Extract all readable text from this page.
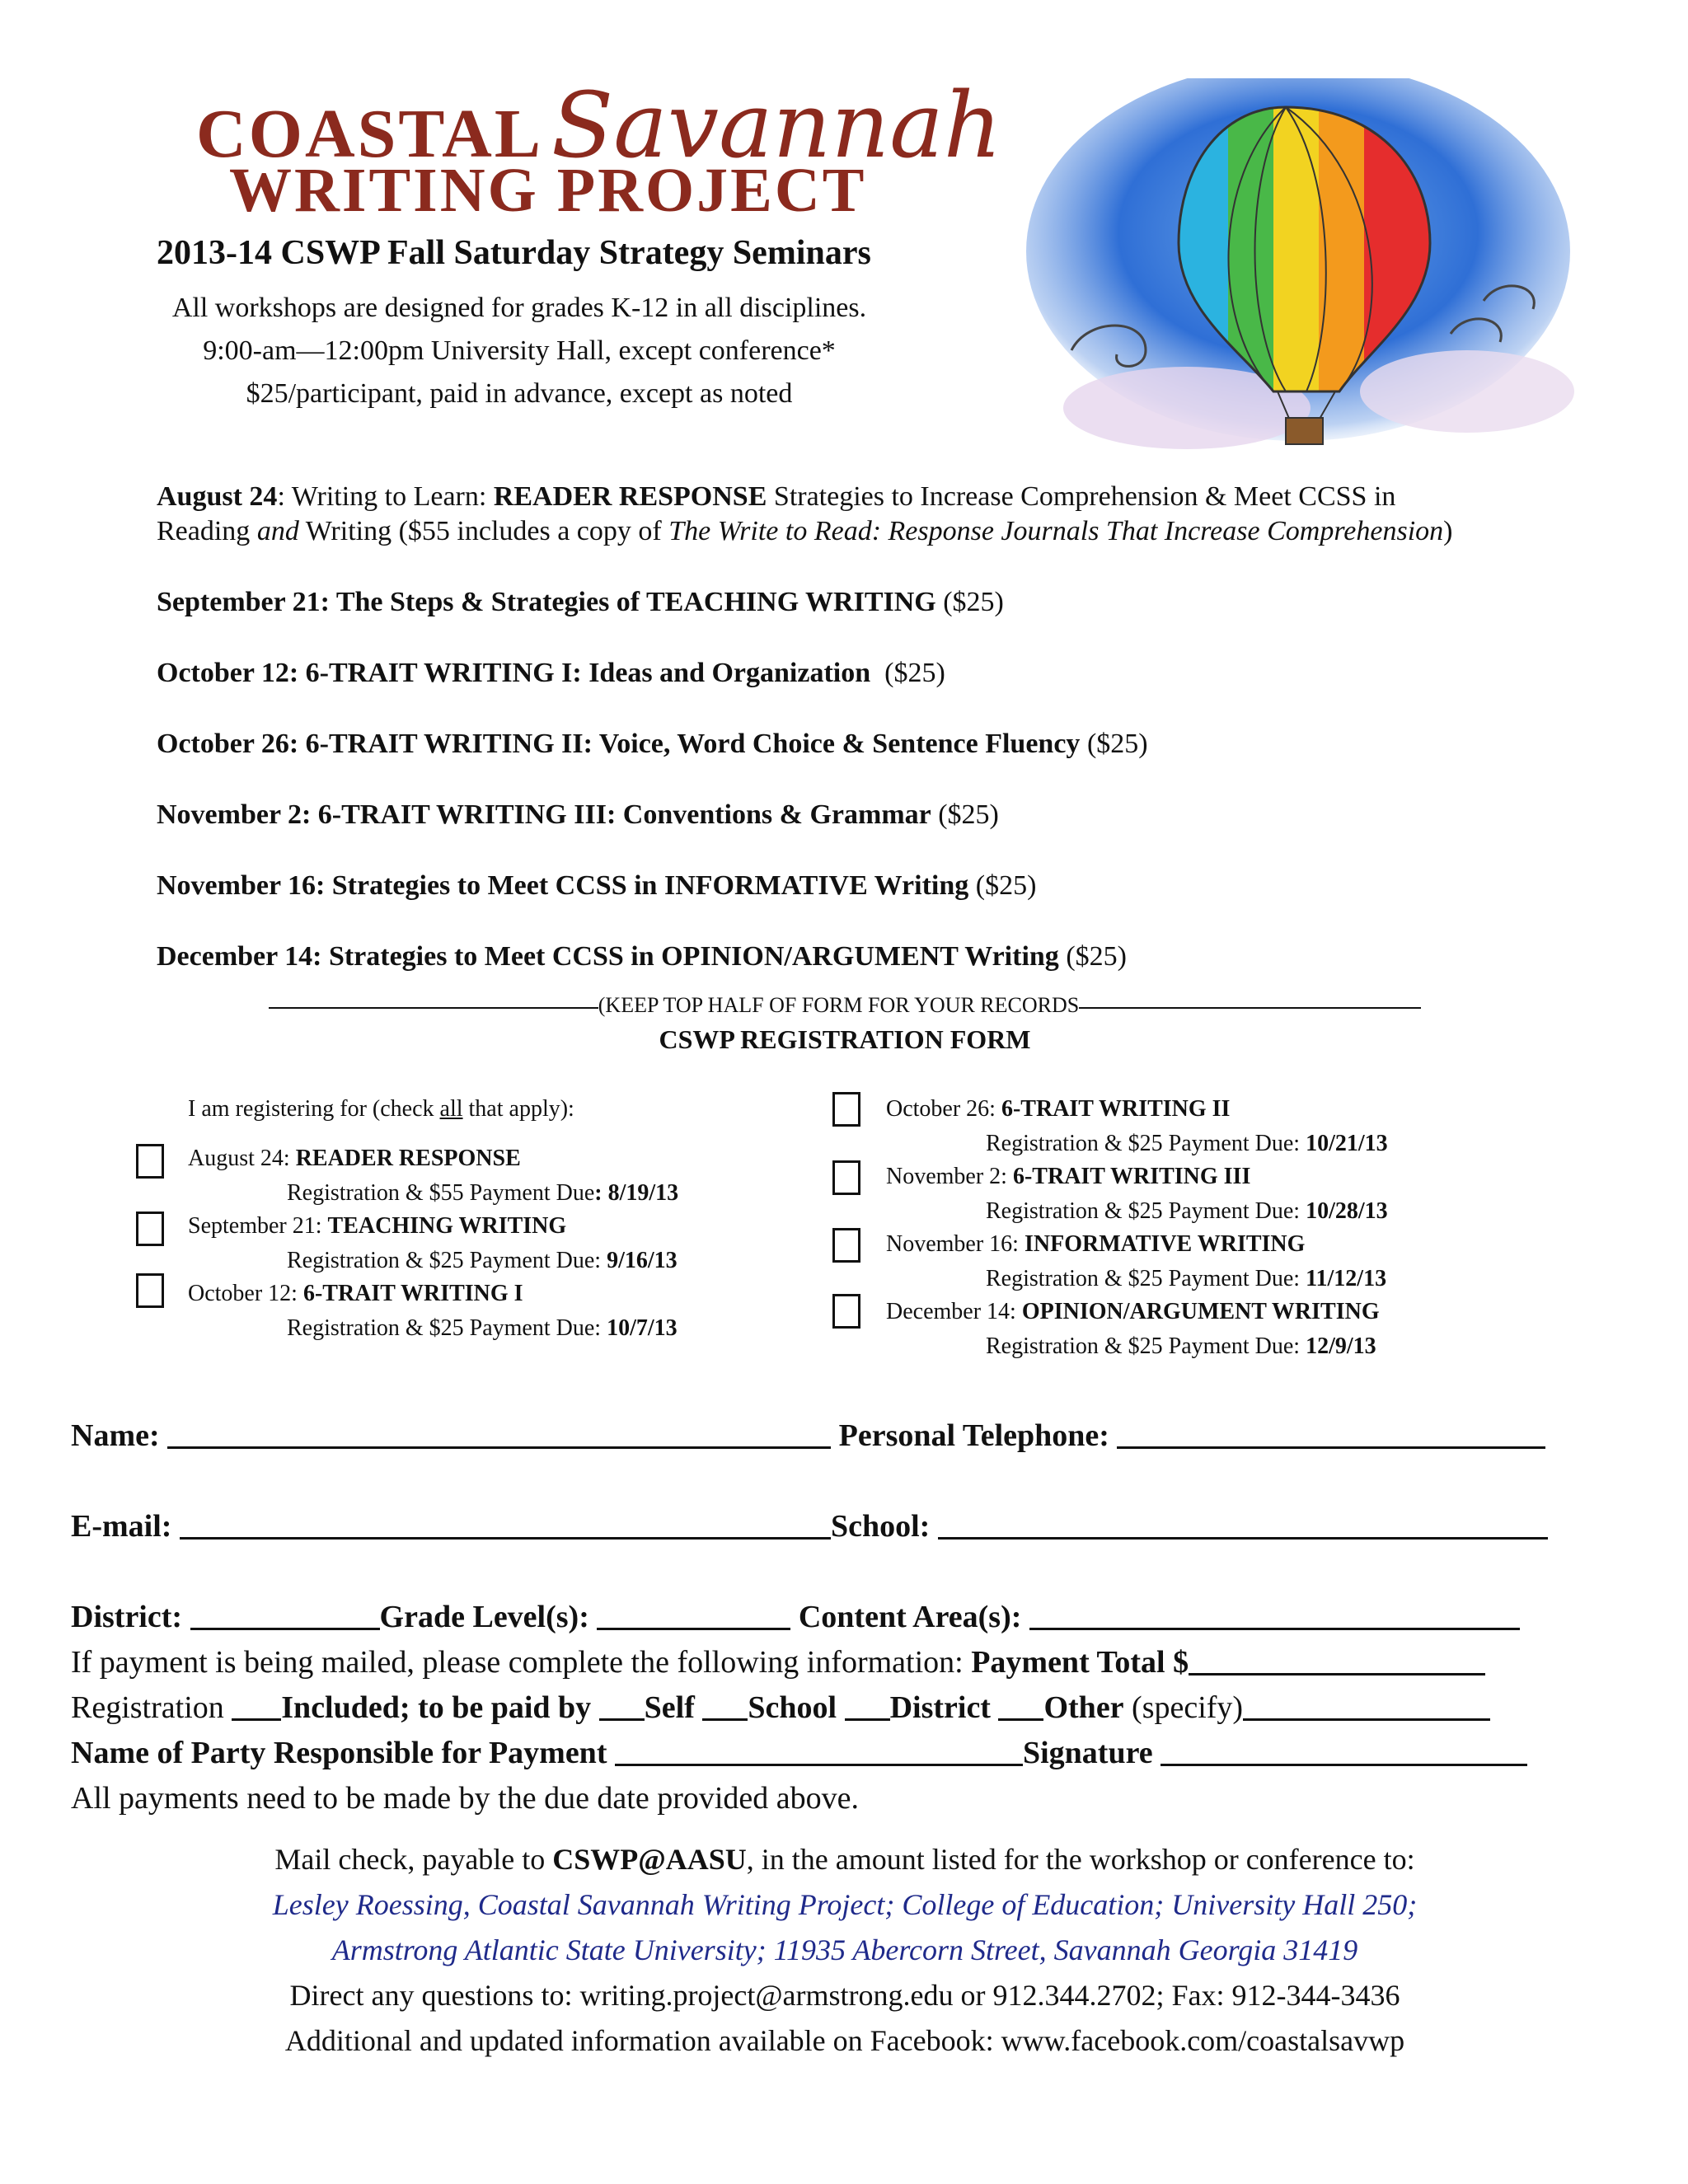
COASTALSavannah
WRITING PROJECT
2013-14 CSWP Fall Saturday Strategy Seminars
All workshops are designed for grades K-12 in all disciplines.
9:00-am—12:00pm University Hall, except conference*
$25/participant, paid in advance, except as noted
August 24: Writing to Learn: READER RESPONSE Strategies to Increase Comprehension & Meet CCSS in
Reading and Writing ($55 includes a copy of The Write to Read: Response Journals That Increase Comprehension)
September 21: The Steps & Strategies of TEACHING WRITING ($25)
October 12: 6-TRAIT WRITING I: Ideas and Organization  ($25)
October 26: 6-TRAIT WRITING II: Voice, Word Choice & Sentence Fluency ($25)
November 2: 6-TRAIT WRITING III: Conventions & Grammar ($25)
November 16: Strategies to Meet CCSS in INFORMATIVE Writing ($25)
December 14: Strategies to Meet CCSS in OPINION/ARGUMENT Writing ($25)
(KEEP TOP HALF OF FORM FOR YOUR RECORDS
CSWP REGISTRATION FORM
I am registering for (check all that apply):
August 24: READER RESPONSE
Registration & $55 Payment Due: 8/19/13
September 21: TEACHING WRITING
Registration & $25 Payment Due: 9/16/13
October 12: 6-TRAIT WRITING I
Registration & $25 Payment Due: 10/7/13
October 26: 6-TRAIT WRITING II
Registration & $25 Payment Due: 10/21/13
November 2: 6-TRAIT WRITING III
Registration & $25 Payment Due: 10/28/13
November 16: INFORMATIVE WRITING
Registration & $25 Payment Due: 11/12/13
December 14: OPINION/ARGUMENT WRITING
Registration & $25 Payment Due: 12/9/13
Name:	Personal Telephone:
E-mail:	School:
District:	Grade Level(s):	Content Area(s):
If payment is being mailed, please complete the following information: Payment Total $
Registration Included; to be paid by Self School District Other (specify)
Name of Party Responsible for Payment	Signature
All payments need to be made by the due date provided above.
Mail check, payable to CSWP@AASU, in the amount listed for the workshop or conference to:
Lesley Roessing, Coastal Savannah Writing Project; College of Education; University Hall 250;
Armstrong Atlantic State University; 11935 Abercorn Street, Savannah Georgia 31419
Direct any questions to: writing.project@armstrong.edu or 912.344.2702; Fax: 912-344-3436
Additional and updated information available on Facebook: www.facebook.com/coastalsavwp
